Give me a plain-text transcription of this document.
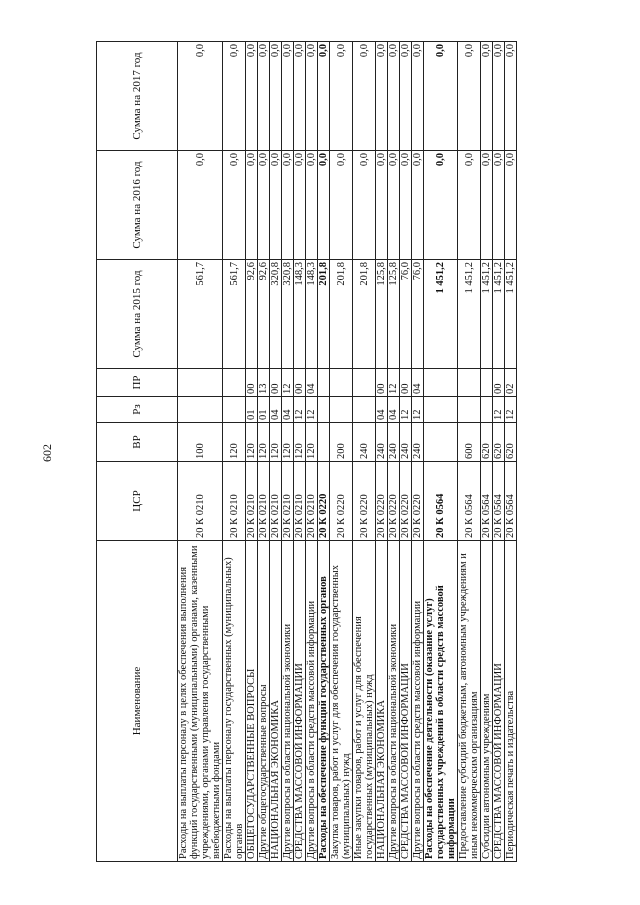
602
Наименование	ЦСР	ВР	Рз	ПР	Сумма на 2015 год	Сумма на 2016 год	Сумма на 2017 год
Расходы на выплаты персоналу в целях обеспечения выполнения функций государственными (муниципальными) органами, казенными учреждениями, органами управления государственными внебюджетными фондами	20 К 0210	100			561,7	0,0	0,0
Расходы на выплаты персоналу государственных (муниципальных) органов	20 К 0210	120			561,7	0,0	0,0
ОБЩЕГОСУДАРСТВЕННЫЕ ВОПРОСЫ	20 К 0210	120	01	00	92,6	0,0	0,0
Другие общегосударственные вопросы	20 К 0210	120	01	13	92,6	0,0	0,0
НАЦИОНАЛЬНАЯ ЭКОНОМИКА	20 К 0210	120	04	00	320,8	0,0	0,0
Другие вопросы в области национальной экономики	20 К 0210	120	04	12	320,8	0,0	0,0
СРЕДСТВА МАССОВОЙ ИНФОРМАЦИИ	20 К 0210	120	12	00	148,3	0,0	0,0
Другие вопросы в области средств массовой информации	20 К 0210	120	12	04	148,3	0,0	0,0
Расходы на обеспечение функций государственных органов	20 К 0220				201,8	0,0	0,0
Закупка товаров, работ и услуг для обеспечения государственных (муниципальных) нужд	20 К 0220	200			201,8	0,0	0,0
Иные закупки товаров, работ и услуг для обеспечения государственных (муниципальных) нужд	20 К 0220	240			201,8	0,0	0,0
НАЦИОНАЛЬНАЯ ЭКОНОМИКА	20 К 0220	240	04	00	125,8	0,0	0,0
Другие вопросы в области национальной экономики	20 К 0220	240	04	12	125,8	0,0	0,0
СРЕДСТВА МАССОВОЙ ИНФОРМАЦИИ	20 К 0220	240	12	00	76,0	0,0	0,0
Другие вопросы в области средств массовой информации	20 К 0220	240	12	04	76,0	0,0	0,0
Расходы на обеспечение деятельности (оказание услуг) государственных учреждений в области средств массовой информации	20 К 0564				1 451,2	0,0	0,0
Предоставление субсидий бюджетным, автономным учреждениям и иным некоммерческим организациям	20 К 0564	600			1 451,2	0,0	0,0
Субсидии автономным учреждениям	20 К 0564	620			1 451,2	0,0	0,0
СРЕДСТВА МАССОВОЙ ИНФОРМАЦИИ	20 К 0564	620	12	00	1 451,2	0,0	0,0
Периодическая печать и издательства	20 К 0564	620	12	02	1 451,2	0,0	0,0
